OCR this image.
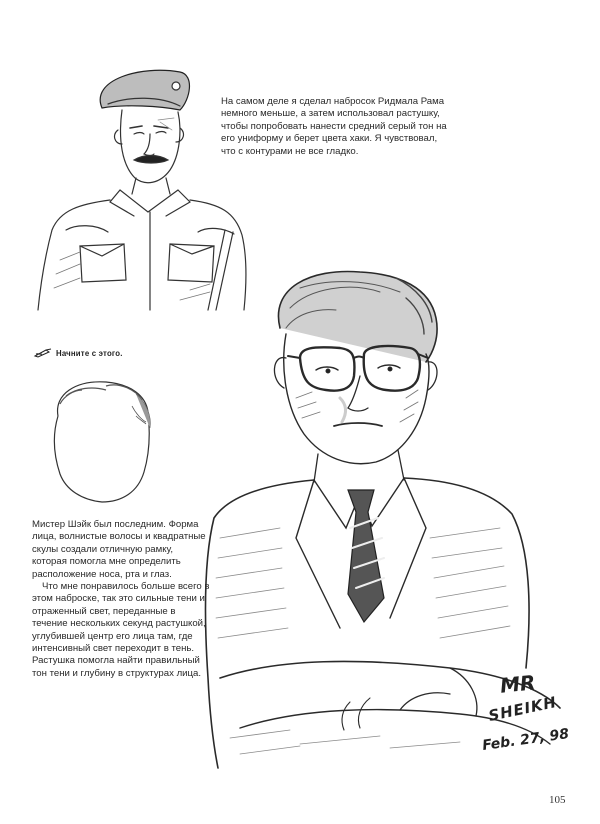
На самом деле я сделал набросок Ридмала Рама немного меньше, а затем использовал растушку, чтобы попробовать нанести средний серый тон на его униформу и берет цвета хаки. Я чувствовал, что с контурами не все гладко.
Начните с этого.

Мистер Шэйк был последним. Форма лица, волнистые волосы и квадратные скулы создали отличную рамку, которая помогла мне определить расположение носа, рта и глаз.

Что мне понравилось больше всего в этом наброске, так это сильные тени и отраженный свет, переданные в течение нескольких секунд растушкой, углубившей центр его лица там, где интенсивный свет переходит в тень. Растушка помогла найти правильный тон тени и глубину в структурах лица.	MR
SHEIKH
Feb. 27, 98
105
